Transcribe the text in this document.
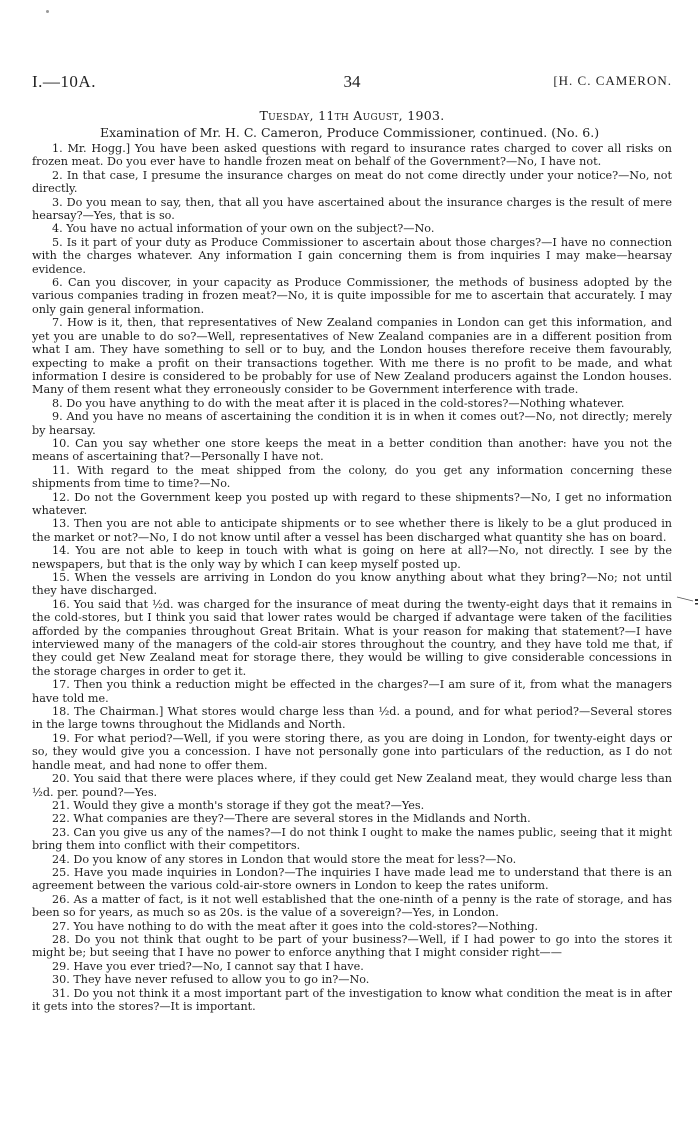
I.—10A.	34	[H. C. CAMERON.
Tuesday, 11th August, 1903.
Examination of Mr. H. C. Cameron, Produce Commissioner, continued. (No. 6.)

1. Mr. Hogg.] You have been asked questions with regard to insurance rates charged to cover all risks on frozen meat. Do you ever have to handle frozen meat on behalf of the Government?—No, I have not.

2. In that case, I presume the insurance charges on meat do not come directly under your notice?—No, not directly.

3. Do you mean to say, then, that all you have ascertained about the insurance charges is the result of mere hearsay?—Yes, that is so.

4. You have no actual information of your own on the subject?—No.

5. Is it part of your duty as Produce Commissioner to ascertain about those charges?—I have no connection with the charges whatever. Any information I gain concerning them is from inquiries I may make—hearsay evidence.

6. Can you discover, in your capacity as Produce Commissioner, the methods of business adopted by the various companies trading in frozen meat?—No, it is quite impossible for me to ascertain that accurately. I may only gain general information.

7. How is it, then, that representatives of New Zealand companies in London can get this information, and yet you are unable to do so?—Well, representatives of New Zealand companies are in a different position from what I am. They have something to sell or to buy, and the London houses therefore receive them favourably, expecting to make a profit on their transactions together. With me there is no profit to be made, and what information I desire is considered to be probably for use of New Zealand producers against the London houses. Many of them resent what they erroneously consider to be Government interference with trade.

8. Do you have anything to do with the meat after it is placed in the cold-stores?—Nothing whatever.

9. And you have no means of ascertaining the condition it is in when it comes out?—No, not directly; merely by hearsay.

10. Can you say whether one store keeps the meat in a better condition than another: have you not the means of ascertaining that?—Personally I have not.

11. With regard to the meat shipped from the colony, do you get any information concerning these shipments from time to time?—No.

12. Do not the Government keep you posted up with regard to these shipments?—No, I get no information whatever.

13. Then you are not able to anticipate shipments or to see whether there is likely to be a glut produced in the market or not?—No, I do not know until after a vessel has been discharged what quantity she has on board.

14. You are not able to keep in touch with what is going on here at all?—No, not directly. I see by the newspapers, but that is the only way by which I can keep myself posted up.

15. When the vessels are arriving in London do you know anything about what they bring?—No; not until they have discharged.

16. You said that ½d. was charged for the insurance of meat during the twenty-eight days that it remains in the cold-stores, but I think you said that lower rates would be charged if advantage were taken of the facilities afforded by the companies throughout Great Britain. What is your reason for making that statement?—I have interviewed many of the managers of the cold-air stores throughout the country, and they have told me that, if they could get New Zealand meat for storage there, they would be willing to give considerable concessions in the storage charges in order to get it.

17. Then you think a reduction might be effected in the charges?—I am sure of it, from what the managers have told me.

18. The Chairman.] What stores would charge less than ½d. a pound, and for what period?—Several stores in the large towns throughout the Midlands and North.

19. For what period?—Well, if you were storing there, as you are doing in London, for twenty-eight days or so, they would give you a concession. I have not personally gone into particulars of the reduction, as I do not handle meat, and had none to offer them.

20. You said that there were places where, if they could get New Zealand meat, they would charge less than ½d. per. pound?—Yes.

21. Would they give a month's storage if they got the meat?—Yes.

22. What companies are they?—There are several stores in the Midlands and North.

23. Can you give us any of the names?—I do not think I ought to make the names public, seeing that it might bring them into conflict with their competitors.

24. Do you know of any stores in London that would store the meat for less?—No.

25. Have you made inquiries in London?—The inquiries I have made lead me to understand that there is an agreement between the various cold-air-store owners in London to keep the rates uniform.

26. As a matter of fact, is it not well established that the one-ninth of a penny is the rate of storage, and has been so for years, as much so as 20s. is the value of a sovereign?—Yes, in London.

27. You have nothing to do with the meat after it goes into the cold-stores?—Nothing.

28. Do you not think that ought to be part of your business?—Well, if I had power to go into the stores it might be; but seeing that I have no power to enforce anything that I might consider right——

29. Have you ever tried?—No, I cannot say that I have.

30. They have never refused to allow you to go in?—No.

31. Do you not think it a most important part of the investigation to know what condition the meat is in after it gets into the stores?—It is important.
